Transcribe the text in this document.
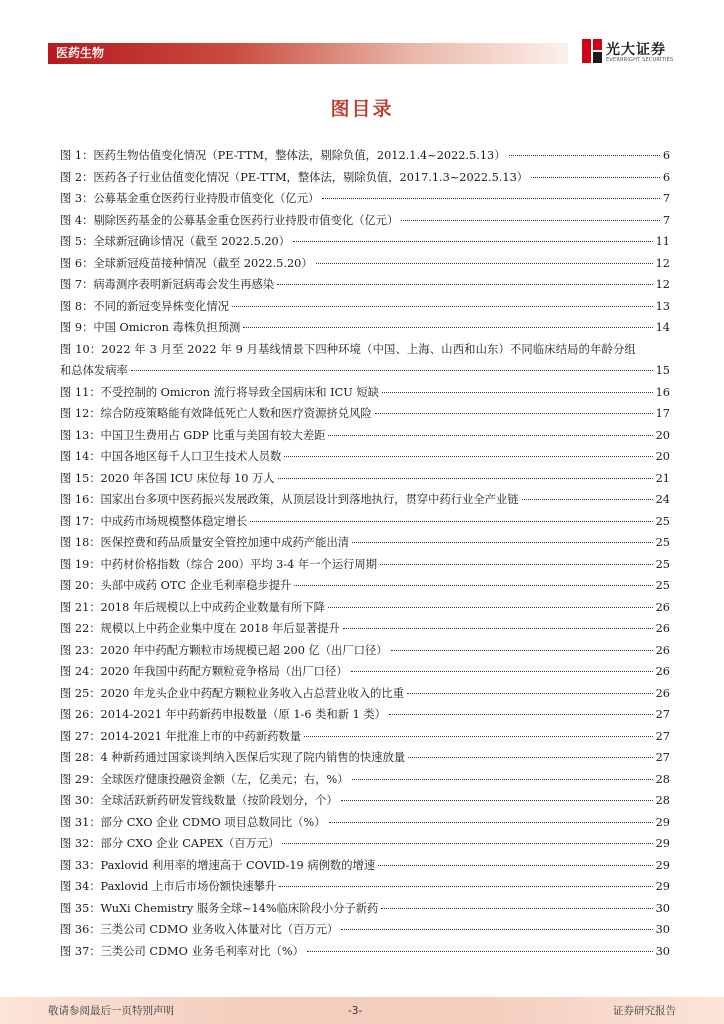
医药生物	光大证券
EVERBRIGHT SECURITIES
图目录
图 1：医药生物估值变化情况（PE-TTM，整体法，剔除负值，2012.1.4~2022.5.13）	6
图 2：医药各子行业估值变化情况（PE-TTM，整体法，剔除负值，2017.1.3~2022.5.13）	6
图 3：公募基金重仓医药行业持股市值变化（亿元）	7
图 4：剔除医药基金的公募基金重仓医药行业持股市值变化（亿元）	7
图 5：全球新冠确诊情况（截至 2022.5.20）	11
图 6：全球新冠疫苗接种情况（截至 2022.5.20）	12
图 7：病毒测序表明新冠病毒会发生再感染	12
图 8：不同的新冠变异株变化情况	13
图 9：中国 Omicron 毒株负担预测	14
图 10：2022 年 3 月至 2022 年 9 月基线情景下四种环境（中国、上海、山西和山东）不同临床结局的年龄分组
和总体发病率	15
图 11：不受控制的 Omicron 流行将导致全国病床和 ICU 短缺	16
图 12：综合防疫策略能有效降低死亡人数和医疗资源挤兑风险	17
图 13：中国卫生费用占 GDP 比重与美国有较大差距	20
图 14：中国各地区每千人口卫生技术人员数	20
图 15：2020 年各国 ICU 床位每 10 万人	21
图 16：国家出台多项中医药振兴发展政策，从顶层设计到落地执行，贯穿中药行业全产业链	24
图 17：中成药市场规模整体稳定增长	25
图 18：医保控费和药品质量安全管控加速中成药产能出清	25
图 19：中药材价格指数（综合 200）平均 3-4 年一个运行周期	25
图 20：头部中成药 OTC 企业毛利率稳步提升	25
图 21：2018 年后规模以上中成药企业数量有所下降	26
图 22：规模以上中药企业集中度在 2018 年后显著提升	26
图 23：2020 年中药配方颗粒市场规模已超 200 亿（出厂口径）	26
图 24：2020 年我国中药配方颗粒竞争格局（出厂口径）	26
图 25：2020 年龙头企业中药配方颗粒业务收入占总营业收入的比重	26
图 26：2014-2021 年中药新药申报数量（原 1-6 类和新 1 类）	27
图 27：2014-2021 年批准上市的中药新药数量	27
图 28：4 种新药通过国家谈判纳入医保后实现了院内销售的快速放量	27
图 29：全球医疗健康投融资金额（左，亿美元；右，%）	28
图 30：全球活跃新药研发管线数量（按阶段划分，个）	28
图 31：部分 CXO 企业 CDMO 项目总数同比（%）	29
图 32：部分 CXO 企业 CAPEX（百万元）	29
图 33：Paxlovid 利用率的增速高于 COVID-19 病例数的增速	29
图 34：Paxlovid 上市后市场份额快速攀升	29
图 35：WuXi Chemistry 服务全球~14%临床阶段小分子新药	30
图 36：三类公司 CDMO 业务收入体量对比（百万元）	30
图 37：三类公司 CDMO 业务毛利率对比（%）	30
敬请参阅最后一页特别声明	-3-	证券研究报告
